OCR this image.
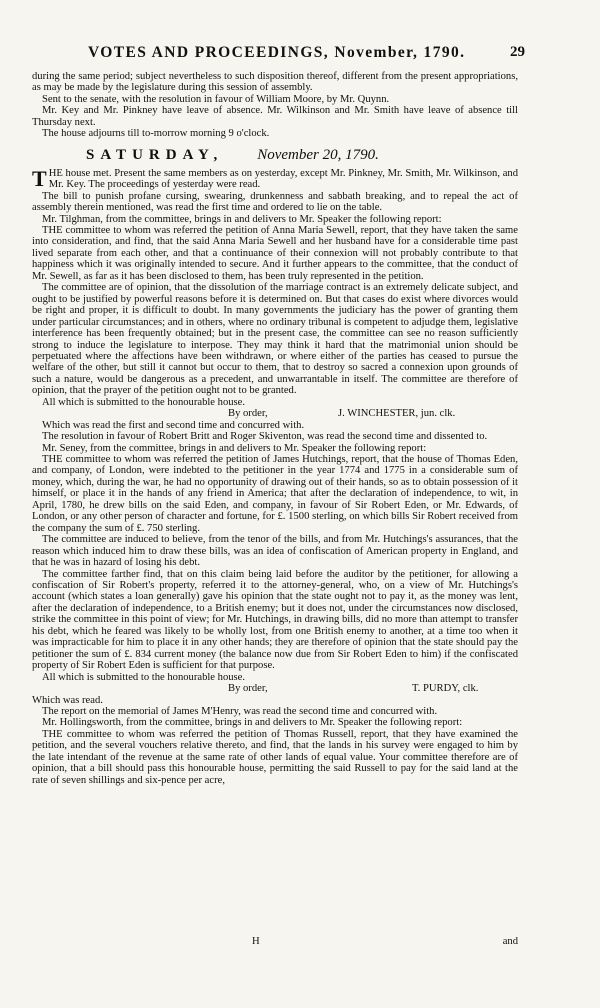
VOTES AND PROCEEDINGS, November, 1790.	29

during the same period; subject nevertheless to such disposition thereof, different from the present appropriations, as may be made by the legislature during this session of assembly.

Sent to the senate, with the resolution in favour of William Moore, by Mr. Quynn.

Mr. Key and Mr. Pinkney have leave of absence. Mr. Wilkinson and Mr. Smith have leave of absence till Thursday next.

The house adjourns till to-morrow morning 9 o'clock.

SATURDAY, November 20, 1790.

THE house met. Present the same members as on yesterday, except Mr. Pinkney, Mr. Smith, Mr. Wilkinson, and Mr. Key. The proceedings of yesterday were read.

The bill to punish profane cursing, swearing, drunkenness and sabbath breaking, and to repeal the act of assembly therein mentioned, was read the first time and ordered to lie on the table.

Mr. Tilghman, from the committee, brings in and delivers to Mr. Speaker the following report:

THE committee to whom was referred the petition of Anna Maria Sewell, report, that they have taken the same into consideration, and find, that the said Anna Maria Sewell and her husband have for a considerable time past lived separate from each other, and that a continuance of their connexion will not probably contribute to that happiness which it was originally intended to secure. And it further appears to the committee, that the conduct of Mr. Sewell, as far as it has been disclosed to them, has been truly represented in the petition.

The committee are of opinion, that the dissolution of the marriage contract is an extremely delicate subject, and ought to be justified by powerful reasons before it is determined on. But that cases do exist where divorces would be right and proper, it is difficult to doubt. In many governments the judiciary has the power of granting them under particular circumstances; and in others, where no ordinary tribunal is competent to adjudge them, legislative interference has been frequently obtained; but in the present case, the committee can see no reason sufficiently strong to induce the legislature to interpose. They may think it hard that the matrimonial union should be perpetuated where the affections have been withdrawn, or where either of the parties has ceased to pursue the welfare of the other, but still it cannot but occur to them, that to destroy so sacred a connexion upon grounds of such a nature, would be dangerous as a precedent, and unwarrantable in itself. The committee are therefore of opinion, that the prayer of the petition ought not to be granted.

All which is submitted to the honourable house.

By order,	J. WINCHESTER, jun. clk.

Which was read the first and second time and concurred with.

The resolution in favour of Robert Britt and Roger Skiventon, was read the second time and dissented to.

Mr. Seney, from the committee, brings in and delivers to Mr. Speaker the following report:

THE committee to whom was referred the petition of James Hutchings, report, that the house of Thomas Eden, and company, of London, were indebted to the petitioner in the year 1774 and 1775 in a considerable sum of money, which, during the war, he had no opportunity of drawing out of their hands, so as to obtain possession of it himself, or place it in the hands of any friend in America; that after the declaration of independence, to wit, in April, 1780, he drew bills on the said Eden, and company, in favour of Sir Robert Eden, or Mr. Edwards, of London, or any other person of character and fortune, for £. 1500 sterling, on which bills Sir Robert received from the company the sum of £. 750 sterling.

The committee are induced to believe, from the tenor of the bills, and from Mr. Hutchings's assurances, that the reason which induced him to draw these bills, was an idea of confiscation of American property in England, and that he was in hazard of losing his debt.

The committee farther find, that on this claim being laid before the auditor by the petitioner, for allowing a confiscation of Sir Robert's property, referred it to the attorney-general, who, on a view of Mr. Hutchings's account (which states a loan generally) gave his opinion that the state ought not to pay it, as the money was lent, after the declaration of independence, to a British enemy; but it does not, under the circumstances now disclosed, strike the committee in this point of view; for Mr. Hutchings, in drawing bills, did no more than attempt to transfer his debt, which he feared was likely to be wholly lost, from one British enemy to another, at a time too when it was impracticable for him to place it in any other hands; they are therefore of opinion that the state should pay the petitioner the sum of £. 834 current money (the balance now due from Sir Robert Eden to him) if the confiscated property of Sir Robert Eden is sufficient for that purpose.

All which is submitted to the honourable house.

By order,	T. PURDY, clk.

Which was read.

The report on the memorial of James M'Henry, was read the second time and concurred with.

Mr. Hollingsworth, from the committee, brings in and delivers to Mr. Speaker the following report:

THE committee to whom was referred the petition of Thomas Russell, report, that they have examined the petition, and the several vouchers relative thereto, and find, that the lands in his survey were engaged to him by the late intendant of the revenue at the same rate of other lands of equal value. Your committee therefore are of opinion, that a bill should pass this honourable house, permitting the said Russell to pay for the said land at the rate of seven shillings and six-pence per acre,

H	and
